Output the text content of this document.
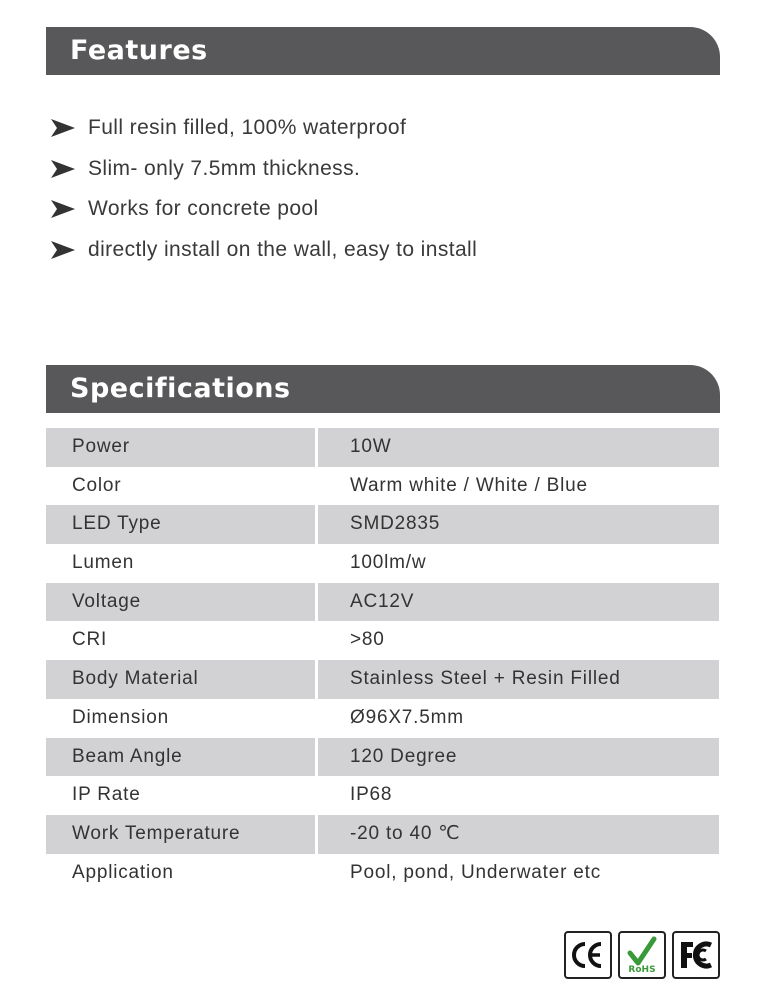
Features
Full resin filled, 100% waterproof
Slim- only 7.5mm thickness.
Works for concrete pool
directly install on the wall, easy to install
Specifications
Power	10W
Color	Warm white / White / Blue
LED Type	SMD2835
Lumen	100lm/w
Voltage	AC12V
CRI	>80
Body Material	Stainless Steel + Resin Filled
Dimension	Ø96X7.5mm
Beam Angle	120 Degree
IP Rate	IP68
Work Temperature	-20 to 40 ℃
Application	Pool, pond, Underwater etc
RoHS
